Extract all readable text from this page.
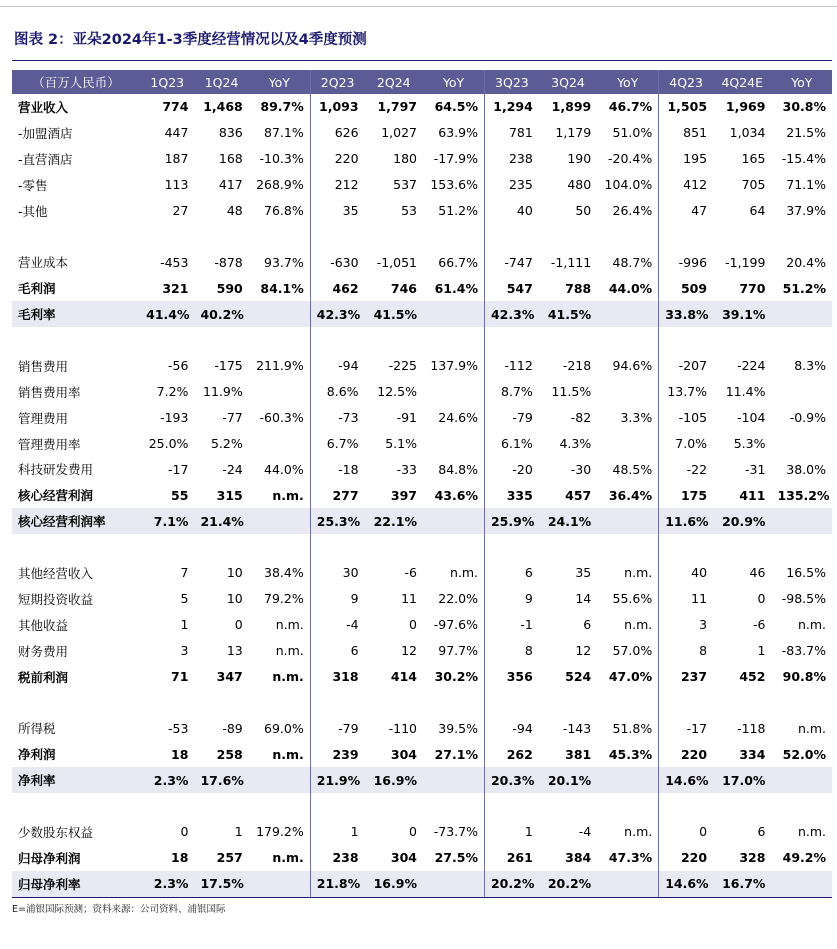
图表 2：亚朵2024年1-3季度经营情况以及4季度预测
（百万人民币）	1Q23	1Q24	YoY	2Q23	2Q24	YoY	3Q23	3Q24	YoY	4Q23	4Q24E	YoY
营业收入	774	1,468	89.7%	1,093	1,797	64.5%	1,294	1,899	46.7%	1,505	1,969	30.8%
-加盟酒店	447	836	87.1%	626	1,027	63.9%	781	1,179	51.0%	851	1,034	21.5%
-直营酒店	187	168	-10.3%	220	180	-17.9%	238	190	-20.4%	195	165	-15.4%
-零售	113	417	268.9%	212	537	153.6%	235	480	104.0%	412	705	71.1%
-其他	27	48	76.8%	35	53	51.2%	40	50	26.4%	47	64	37.9%

营业成本	-453	-878	93.7%	-630	-1,051	66.7%	-747	-1,111	48.7%	-996	-1,199	20.4%
毛利润	321	590	84.1%	462	746	61.4%	547	788	44.0%	509	770	51.2%
毛利率	41.4%	40.2%		42.3%	41.5%		42.3%	41.5%		33.8%	39.1%	

销售费用	-56	-175	211.9%	-94	-225	137.9%	-112	-218	94.6%	-207	-224	8.3%
销售费用率	7.2%	11.9%		8.6%	12.5%		8.7%	11.5%		13.7%	11.4%	
管理费用	-193	-77	-60.3%	-73	-91	24.6%	-79	-82	3.3%	-105	-104	-0.9%
管理费用率	25.0%	5.2%		6.7%	5.1%		6.1%	4.3%		7.0%	5.3%	
科技研发费用	-17	-24	44.0%	-18	-33	84.8%	-20	-30	48.5%	-22	-31	38.0%
核心经营利润	55	315	n.m.	277	397	43.6%	335	457	36.4%	175	411	135.2%
核心经营利润率	7.1%	21.4%		25.3%	22.1%		25.9%	24.1%		11.6%	20.9%	

其他经营收入	7	10	38.4%	30	-6	n.m.	6	35	n.m.	40	46	16.5%
短期投资收益	5	10	79.2%	9	11	22.0%	9	14	55.6%	11	0	-98.5%
其他收益	1	0	n.m.	-4	0	-97.6%	-1	6	n.m.	3	-6	n.m.
财务费用	3	13	n.m.	6	12	97.7%	8	12	57.0%	8	1	-83.7%
税前利润	71	347	n.m.	318	414	30.2%	356	524	47.0%	237	452	90.8%

所得税	-53	-89	69.0%	-79	-110	39.5%	-94	-143	51.8%	-17	-118	n.m.
净利润	18	258	n.m.	239	304	27.1%	262	381	45.3%	220	334	52.0%
净利率	2.3%	17.6%		21.9%	16.9%		20.3%	20.1%		14.6%	17.0%	

少数股东权益	0	1	179.2%	1	0	-73.7%	1	-4	n.m.	0	6	n.m.
归母净利润	18	257	n.m.	238	304	27.5%	261	384	47.3%	220	328	49.2%
归母净利率	2.3%	17.5%		21.8%	16.9%		20.2%	20.2%		14.6%	16.7%	
E=浦银国际预测；资料来源：公司资料、浦银国际
